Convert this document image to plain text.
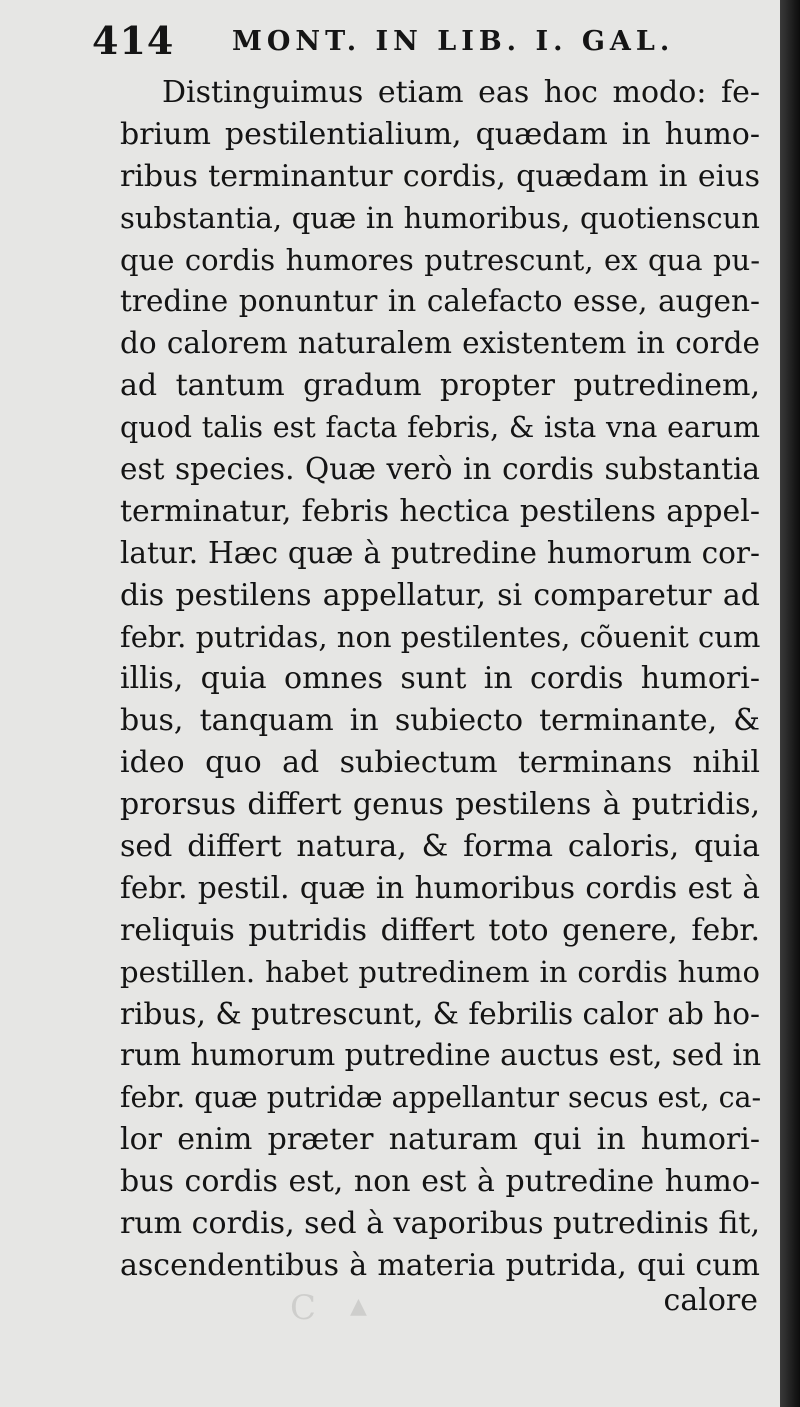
414 MONT. IN LIB. I. GAL.
Distinguimus etiam eas hoc modo: fe-
brium pestilentialium, quædam in humo-
ribus terminantur cordis, quædam in eius
substantia, quæ in humoribus, quotienscun
que cordis humores putrescunt, ex qua pu-
tredine ponuntur in calefacto esse, augen-
do calorem naturalem existentem in corde
ad tantum gradum propter putredinem,
quod talis est facta febris, & ista vna earum
est species. Quæ verò in cordis substantia
terminatur, febris hectica pestilens appel-
latur. Hæc quæ à putredine humorum cor-
dis pestilens appellatur, si comparetur ad
febr. putridas, non pestilentes, cõuenit cum
illis, quia omnes sunt in cordis humori-
bus, tanquam in subiecto terminante, &
ideo quo ad subiectum terminans nihil
prorsus differt genus pestilens à putridis,
sed differt natura, & forma caloris, quia
febr. pestil. quæ in humoribus cordis est à
reliquis putridis differt toto genere, febr.
pestillen. habet putredinem in cordis humo
ribus, & putrescunt, & febrilis calor ab ho-
rum humorum putredine auctus est, sed in
febr. quæ putridæ appellantur secus est, ca-
lor enim præter naturam qui in humori-
bus cordis est, non est à putredine humo-
rum cordis, sed à vaporibus putredinis fit,
ascendentibus à materia putrida, qui cum
calore
C ▲
